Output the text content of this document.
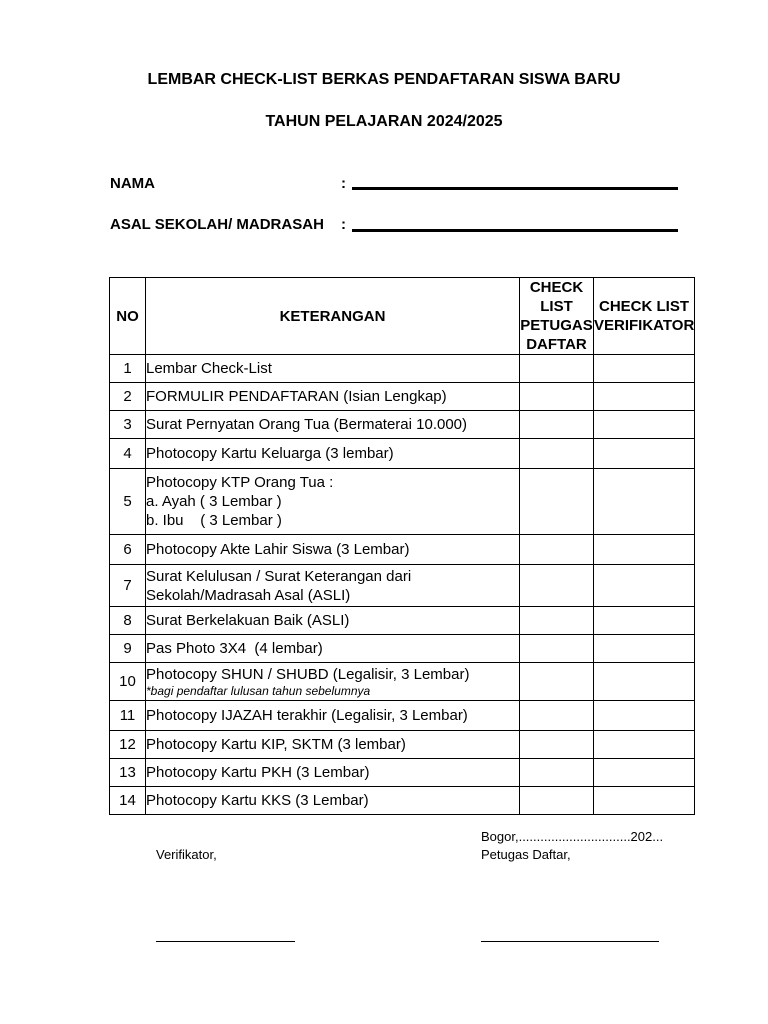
LEMBAR CHECK-LIST BERKAS PENDAFTARAN SISWA BARU
TAHUN PELAJARAN 2024/2025
NAMA	:
ASAL SEKOLAH/ MADRASAH :
NO	KETERANGAN	CHECK LIST PETUGAS DAFTAR	CHECK LIST VERIFIKATOR
1	Lembar Check-List		

2	FORMULIR PENDAFTARAN (Isian Lengkap)		

3	Surat Pernyatan Orang Tua (Bermaterai 10.000)		

4	Photocopy Kartu Keluarga (3 lembar)		

5	Photocopy KTP Orang Tua :
a. Ayah ( 3 Lembar )
b. Ibu    ( 3 Lembar )		

6	Photocopy Akte Lahir Siswa (3 Lembar)		

7	Surat Kelulusan / Surat Keterangan dari
Sekolah/Madrasah Asal (ASLI)		

8	Surat Berkelakuan Baik (ASLI)		

9	Pas Photo 3X4  (4 lembar)		

10	Photocopy SHUN / SHUBD (Legalisir, 3 Lembar)
*bagi pendaftar lulusan tahun sebelumnya		

11	Photocopy IJAZAH terakhir (Legalisir, 3 Lembar)		

12	Photocopy Kartu KIP, SKTM (3 lembar)		

13	Photocopy Kartu PKH (3 Lembar)		

14	Photocopy Kartu KKS (3 Lembar)		

Bogor,...............................202...
Verifikator,	Petugas Daftar,
